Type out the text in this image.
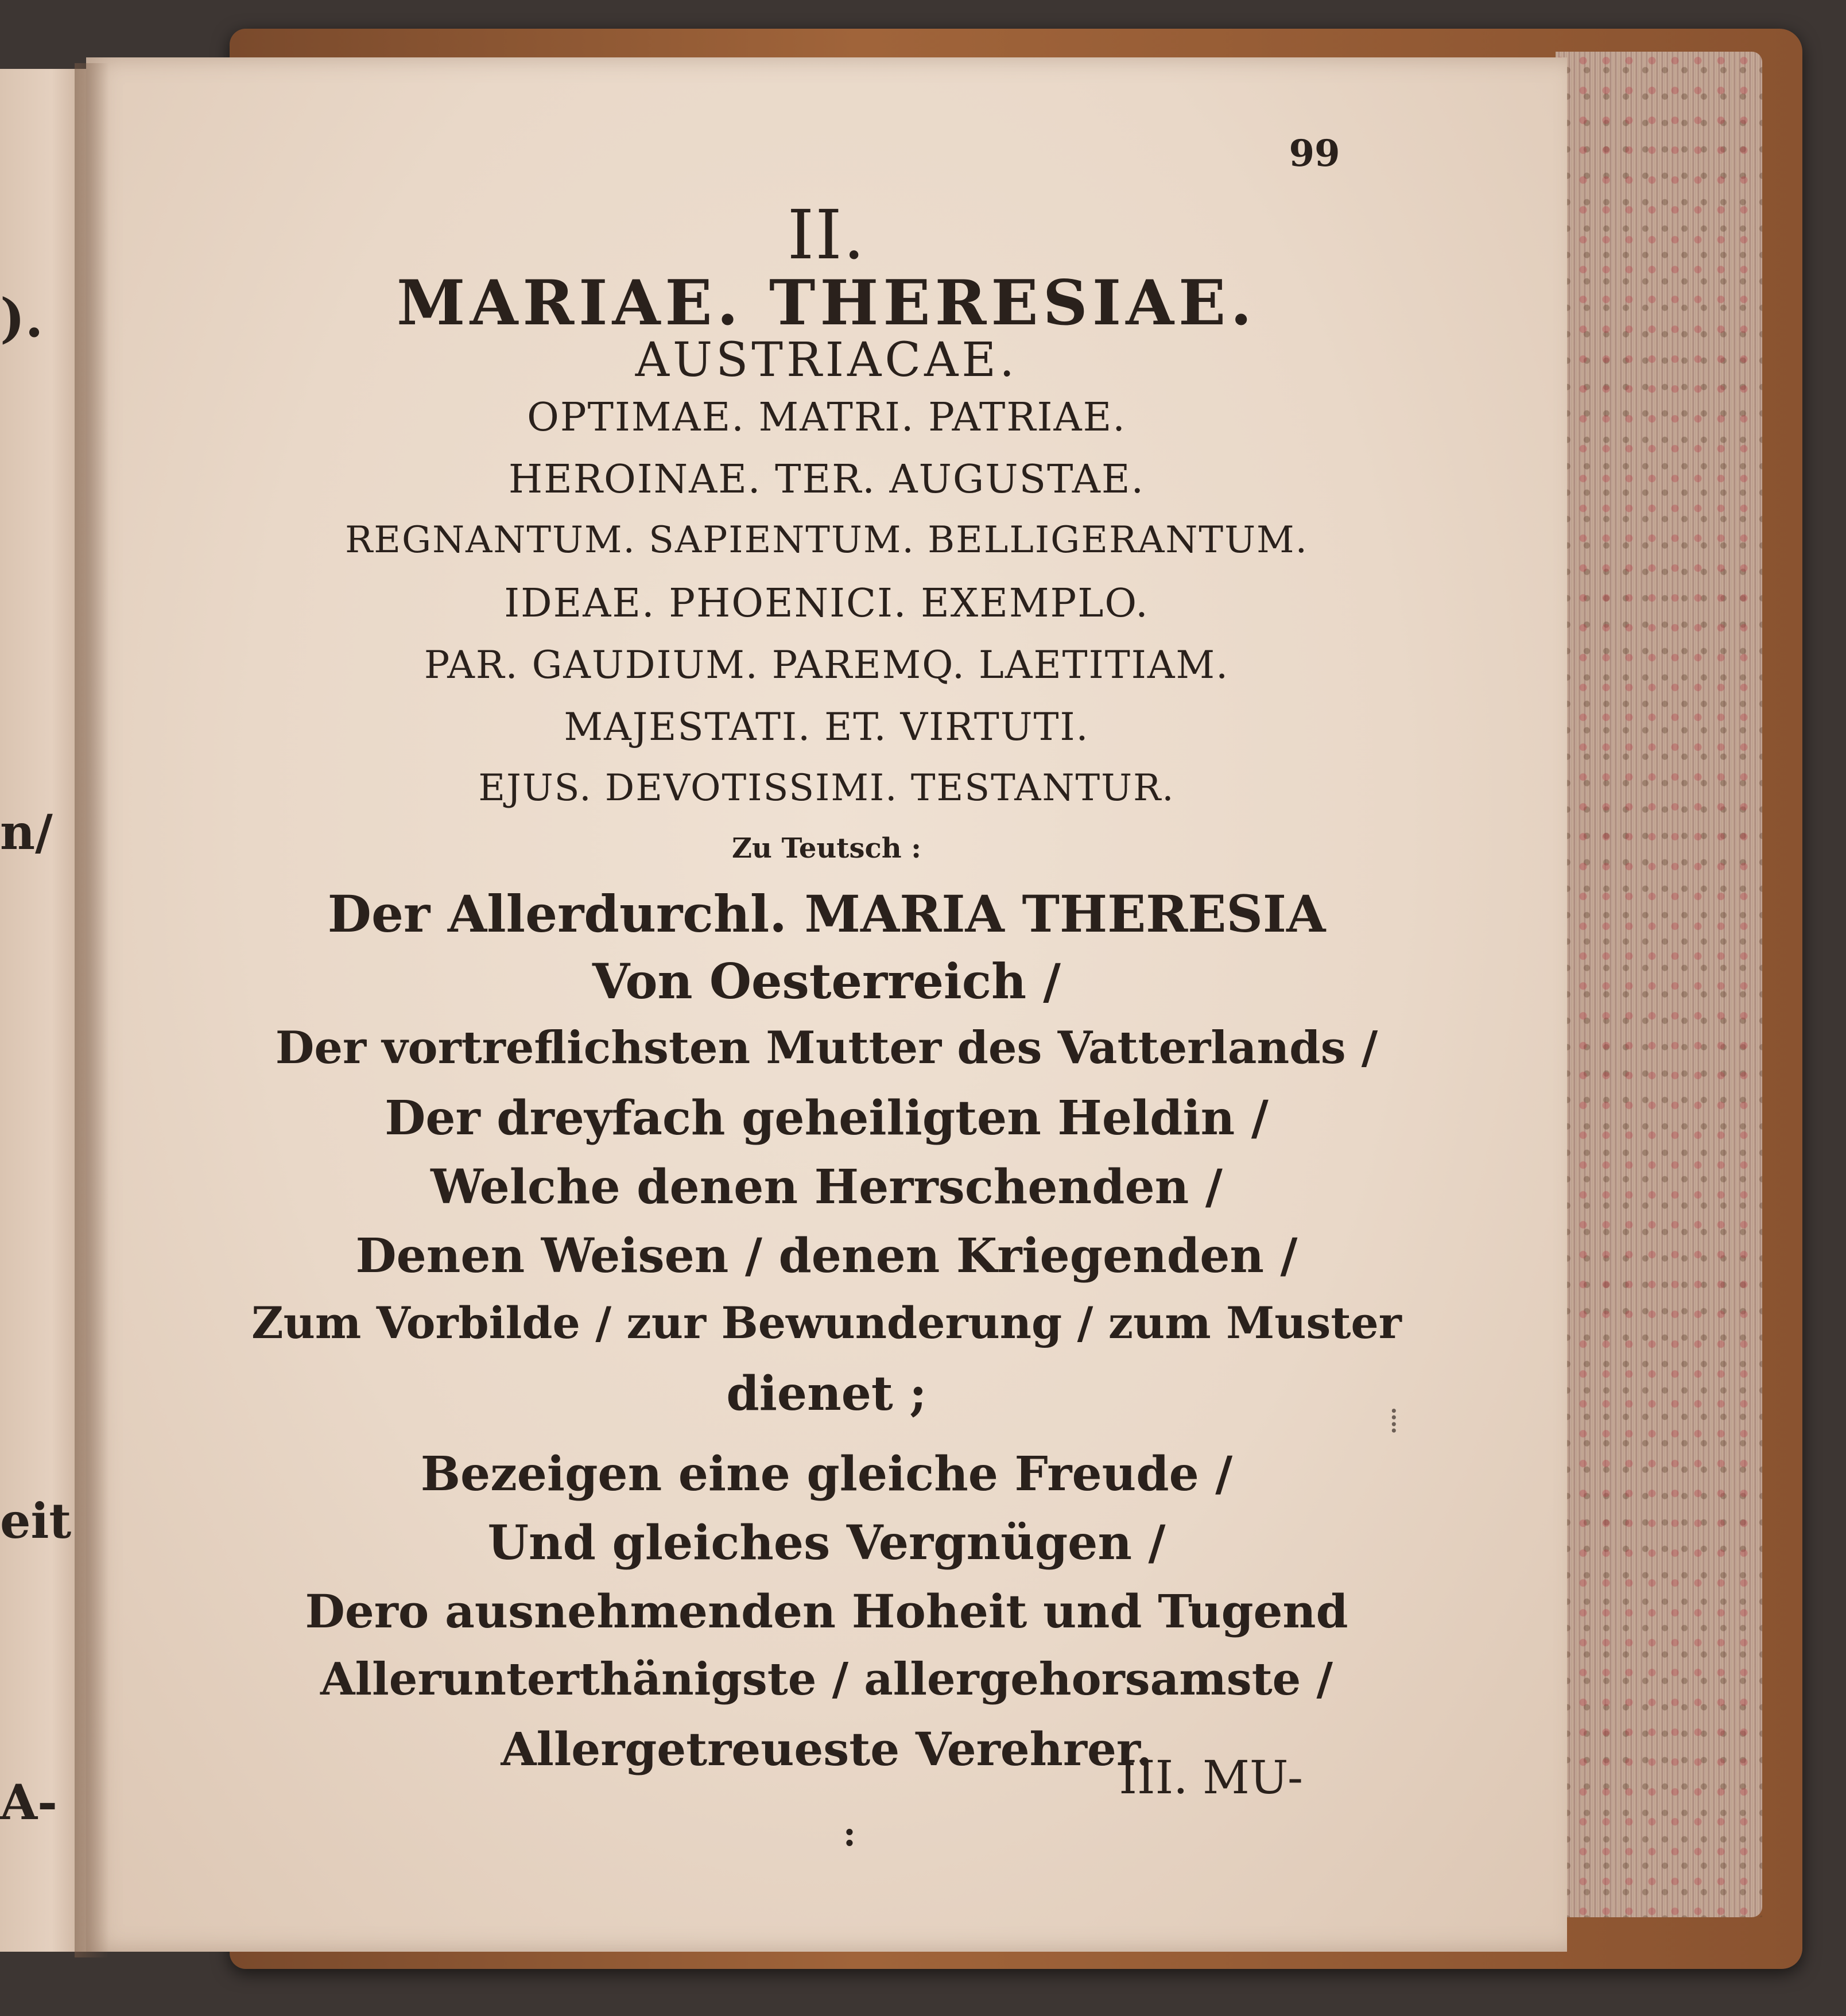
).
n/
eit
A-
99
II.
MARIAE. THERESIAE.
AUSTRIACAE.
OPTIMAE. MATRI. PATRIAE.
HEROINAE. TER. AUGUSTAE.
REGNANTUM. SAPIENTUM. BELLIGERANTUM.
IDEAE. PHOENICI. EXEMPLO.
PAR. GAUDIUM. PAREMQ. LAETITIAM.
MAJESTATI. ET. VIRTUTI.
EJUS. DEVOTISSIMI. TESTANTUR.
Zu Teutsch :
Der Allerdurchl. MARIA THERESIA
Von Oesterreich /
Der vortreflichsten Mutter des Vatterlands /
Der dreyfach geheiligten Heldin /
Welche denen Herrschenden /
Denen Weisen / denen Kriegenden /
Zum Vorbilde / zur Bewunderung / zum Muster
dienet ;
Bezeigen eine gleiche Freude /
Und gleiches Vergnügen /
Dero ausnehmenden Hoheit und Tugend
Allerunterthänigste / allergehorsamste /
Allergetreueste Verehrer.
III. MU-
:
⁞
